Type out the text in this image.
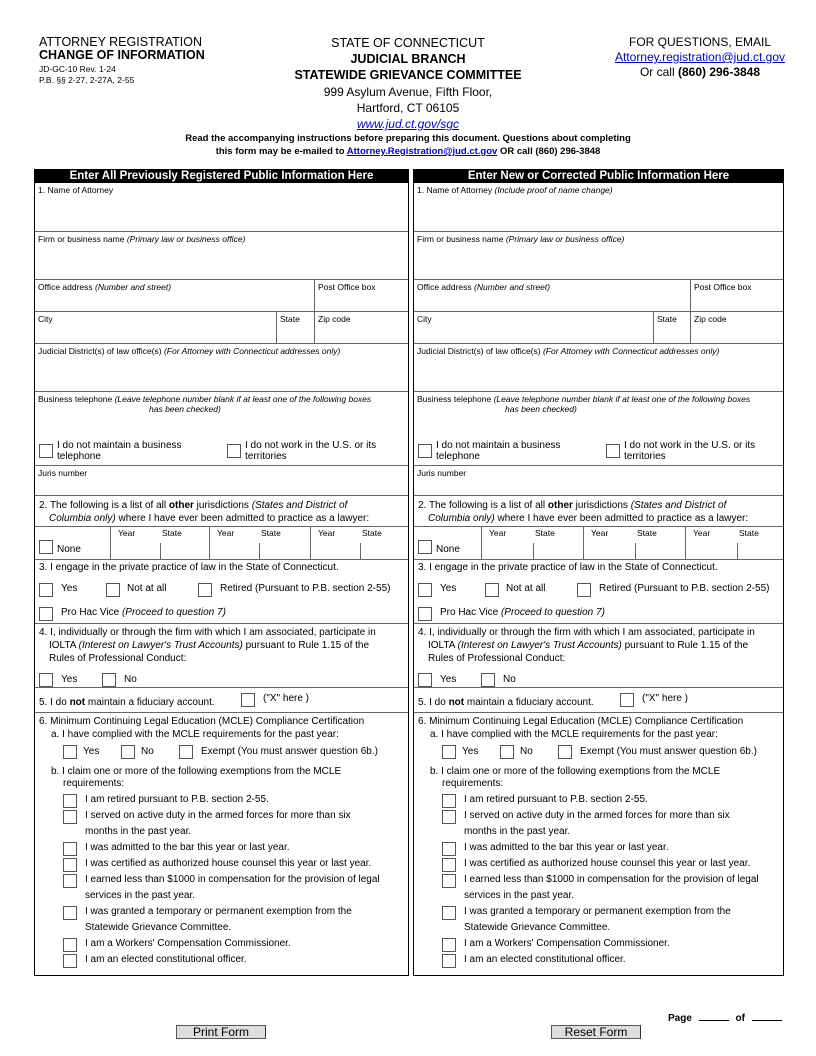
ATTORNEY REGISTRATION
CHANGE OF INFORMATION
JD-GC-10 Rev. 1-24
P.B. §§ 2-27, 2-27A, 2-55
STATE OF CONNECTICUT
JUDICIAL BRANCH
STATEWIDE GRIEVANCE COMMITTEE
999 Asylum Avenue, Fifth Floor,
Hartford, CT 06105
www.jud.ct.gov/sgc
FOR QUESTIONS, EMAIL
Attorney.registration@jud.ct.gov
Or call (860) 296-3848
Read the accompanying instructions before preparing this document. Questions about completing
this form may be e-mailed to Attorney.Registration@jud.ct.gov OR call (860) 296-3848
Enter All Previously Registered Public Information Here
1. Name of Attorney
Firm or business name (Primary law or business office)
Office address (Number and street)	Post Office box
City	State Zip code
Judicial District(s) of law office(s) (For Attorney with Connecticut addresses only)
Business telephone (Leave telephone number blank if at least one of the following boxes
has been checked)
I do not maintain a business
telephone
I do not work in the U.S. or its
territories
Juris number
2. The following is a list of all other jurisdictions (States and District of
Columbia only) where I have ever been admitted to practice as a lawyer:
None
Year	State	Year	State	Year	State
3. I engage in the private practice of law in the State of Connecticut.
Yes	Not at all	Retired (Pursuant to P.B. section 2-55)
Pro Hac Vice (Proceed to question 7)
4. I, individually or through the firm with which I am associated, participate in
IOLTA (Interest on Lawyer's Trust Accounts) pursuant to Rule 1.15 of the
Rules of Professional Conduct:
Yes	No
5. I do not maintain a fiduciary account.	("X" here )
6. Minimum Continuing Legal Education (MCLE) Compliance Certification
a. I have complied with the MCLE requirements for the past year:
Yes	No	Exempt (You must answer question 6b.)
b. I claim one or more of the following exemptions from the MCLE
requirements:
I am retired pursuant to P.B. section 2-55.
I served on active duty in the armed forces for more than six
months in the past year.
I was admitted to the bar this year or last year.
I was certified as authorized house counsel this year or last year.
I earned less than $1000 in compensation for the provision of legal
services in the past year.
I was granted a temporary or permanent exemption from the
Statewide Grievance Committee.
I am a Workers' Compensation Commissioner.
I am an elected constitutional officer.
Enter New or Corrected Public Information Here
1. Name of Attorney (Include proof of name change)
Firm or business name (Primary law or business office)
Office address (Number and street)	Post Office box
City	State Zip code
Judicial District(s) of law office(s) (For Attorney with Connecticut addresses only)
Business telephone (Leave telephone number blank if at least one of the following boxes
has been checked)
I do not maintain a business
telephone
I do not work in the U.S. or its
territories
Juris number
2. The following is a list of all other jurisdictions (States and District of
Columbia only) where I have ever been admitted to practice as a lawyer:
None
Year	State	Year	State	Year	State
3. I engage in the private practice of law in the State of Connecticut.
Yes	Not at all	Retired (Pursuant to P.B. section 2-55)
Pro Hac Vice (Proceed to question 7)
4. I, individually or through the firm with which I am associated, participate in
IOLTA (Interest on Lawyer's Trust Accounts) pursuant to Rule 1.15 of the
Rules of Professional Conduct:
Yes	No
5. I do not maintain a fiduciary account.	("X" here )
6. Minimum Continuing Legal Education (MCLE) Compliance Certification
a. I have complied with the MCLE requirements for the past year:
Yes	No	Exempt (You must answer question 6b.)
b. I claim one or more of the following exemptions from the MCLE
requirements:
I am retired pursuant to P.B. section 2-55.
I served on active duty in the armed forces for more than six
months in the past year.
I was admitted to the bar this year or last year.
I was certified as authorized house counsel this year or last year.
I earned less than $1000 in compensation for the provision of legal
services in the past year.
I was granted a temporary or permanent exemption from the
Statewide Grievance Committee.
I am a Workers' Compensation Commissioner.
I am an elected constitutional officer.
Page	of
Print Form	Reset Form
